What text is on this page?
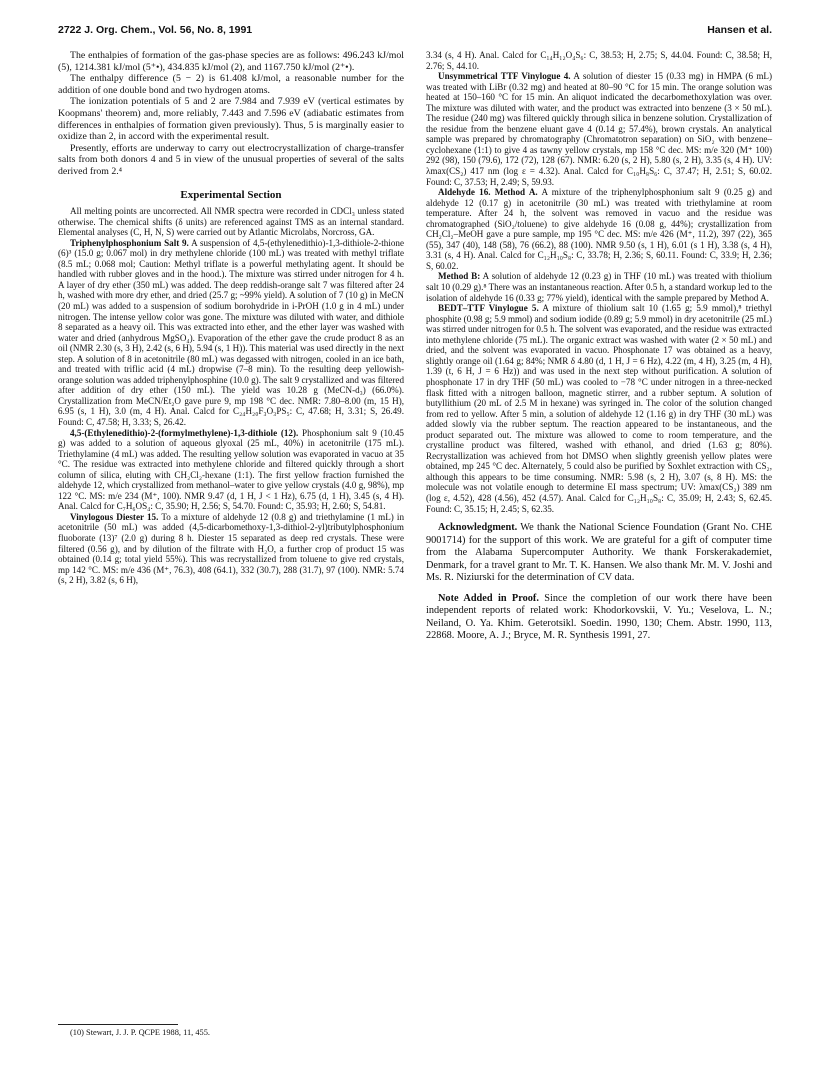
2722 J. Org. Chem., Vol. 56, No. 8, 1991	Hansen et al.

The enthalpies of formation of the gas-phase species are as follows: 496.243 kJ/mol (5), 1214.381 kJ/mol (5⁺•), 434.835 kJ/mol (2), and 1167.750 kJ/mol (2⁺•).

The enthalpy difference (5 − 2) is 61.408 kJ/mol, a reasonable number for the addition of one double bond and two hydrogen atoms.

The ionization potentials of 5 and 2 are 7.984 and 7.939 eV (vertical estimates by Koopmans' theorem) and, more reliably, 7.443 and 7.596 eV (adiabatic estimates from differences in enthalpies of formation given previously). Thus, 5 is marginally easier to oxidize than 2, in accord with the experimental result.

Presently, efforts are underway to carry out electrocrystallization of charge-transfer salts from both donors 4 and 5 in view of the unusual properties of several of the salts derived from 2.⁴

Experimental Section

All melting points are uncorrected. All NMR spectra were recorded in CDCl₃ unless stated otherwise. The chemical shifts (δ units) are referenced against TMS as an internal standard. Elemental analyses (C, H, N, S) were carried out by Atlantic Microlabs, Norcross, GA.

Triphenylphosphonium Salt 9. A suspension of 4,5-(ethylenedithio)-1,3-dithiole-2-thione (6)³ (15.0 g; 0.067 mol) in dry methylene chloride (100 mL) was treated with methyl triflate (8.5 mL; 0.068 mol; Caution: Methyl triflate is a powerful methylating agent. It should be handled with rubber gloves and in the hood.). The mixture was stirred under nitrogen for 4 h. A layer of dry ether (350 mL) was added. The deep reddish-orange salt 7 was filtered after 24 h, washed with more dry ether, and dried (25.7 g; ~99% yield). A solution of 7 (10 g) in MeCN (20 mL) was added to a suspension of sodium borohydride in i-PrOH (1.0 g in 4 mL) under nitrogen. The intense yellow color was gone. The mixture was diluted with water, and dithiole 8 separated as a heavy oil. This was extracted into ether, and the ether layer was washed with water and dried (anhydrous MgSO₄). Evaporation of the ether gave the crude product 8 as an oil (NMR 2.30 (s, 3 H), 2.42 (s, 6 H), 5.94 (s, 1 H)). This material was used directly in the next step. A solution of 8 in acetonitrile (80 mL) was degassed with nitrogen, cooled in an ice bath, and treated with triflic acid (4 mL) dropwise (7–8 min). To the resulting deep yellowish-orange solution was added triphenylphosphine (10.0 g). The salt 9 crystallized and was filtered after addition of dry ether (150 mL). The yield was 10.28 g (MeCN-d₃) (66.0%). Crystallization from MeCN/Et₂O gave pure 9, mp 198 °C dec. NMR: 7.80–8.00 (m, 15 H), 6.95 (s, 1 H), 3.0 (m, 4 H). Anal. Calcd for C₂₄H₂₀F₃O₃PS₅: C, 47.68; H, 3.31; S, 26.49. Found: C, 47.58; H, 3.33; S, 26.42.

4,5-(Ethylenedithio)-2-(formylmethylene)-1,3-dithiole (12). Phosphonium salt 9 (10.45 g) was added to a solution of aqueous glyoxal (25 mL, 40%) in acetonitrile (175 mL). Triethylamine (4 mL) was added. The resulting yellow solution was evaporated in vacuo at 35 °C. The residue was extracted into methylene chloride and filtered quickly through a short column of silica, eluting with CH₂Cl₂-hexane (1:1). The first yellow fraction furnished the aldehyde 12, which crystallized from methanol–water to give yellow crystals (4.0 g, 98%), mp 122 °C. MS: m/e 234 (M⁺, 100). NMR 9.47 (d, 1 H, J < 1 Hz), 6.75 (d, 1 H), 3.45 (s, 4 H). Anal. Calcd for C₇H₆OS₄: C, 35.90; H, 2.56; S, 54.70. Found: C, 35.93; H, 2.60; S, 54.81.

Vinylogous Diester 15. To a mixture of aldehyde 12 (0.8 g) and triethylamine (1 mL) in acetonitrile (50 mL) was added (4,5-dicarbomethoxy-1,3-dithiol-2-yl)tributylphosphonium fluoborate (13)⁷ (2.0 g) during 8 h. Diester 15 separated as deep red crystals. These were filtered (0.56 g), and by dilution of the filtrate with H₂O, a further crop of product 15 was obtained (0.14 g; total yield 55%). This was recrystallized from toluene to give red crystals, mp 142 °C. MS: m/e 436 (M⁺, 76.3), 408 (64.1), 332 (30.7), 288 (31.7), 97 (100). NMR: 5.74 (s, 2 H), 3.82 (s, 6 H),

3.34 (s, 4 H). Anal. Calcd for C₁₄H₁₂O₄S₆: C, 38.53; H, 2.75; S, 44.04. Found: C, 38.58; H, 2.76; S, 44.10.

Unsymmetrical TTF Vinylogue 4. A solution of diester 15 (0.33 mg) in HMPA (6 mL) was treated with LiBr (0.32 mg) and heated at 80–90 °C for 15 min. The orange solution was heated at 150–160 °C for 15 min. An aliquot indicated the decarbomethoxylation was over. The mixture was diluted with water, and the product was extracted into benzene (3 × 50 mL). The residue (240 mg) was filtered quickly through silica in benzene solution. Crystallization of the residue from the benzene eluant gave 4 (0.14 g; 57.4%), brown crystals. An analytical sample was prepared by chromatography (Chromatotron separation) on SiO₂ with benzene–cyclohexane (1:1) to give 4 as tawny yellow crystals, mp 158 °C dec. MS: m/e 320 (M⁺ 100) 292 (98), 150 (79.6), 172 (72), 128 (67). NMR: 6.20 (s, 2 H), 5.80 (s, 2 H), 3.35 (s, 4 H). UV: λmax(CS₂) 417 nm (log ε = 4.32). Anal. Calcd for C₁₀H₈S₆: C, 37.47; H, 2.51; S, 60.02. Found: C, 37.53; H, 2.49; S, 59.93.

Aldehyde 16. Method A. A mixture of the triphenylphosphonium salt 9 (0.25 g) and aldehyde 12 (0.17 g) in acetonitrile (30 mL) was treated with triethylamine at room temperature. After 24 h, the solvent was removed in vacuo and the residue was chromatographed (SiO₂/toluene) to give aldehyde 16 (0.08 g, 44%); crystallization from CH₂Cl₂–MeOH gave a pure sample, mp 195 °C dec. MS: m/e 426 (M⁺, 11.2), 397 (22), 365 (55), 347 (40), 148 (58), 76 (66.2), 88 (100). NMR 9.50 (s, 1 H), 6.01 (s 1 H), 3.38 (s, 4 H), 3.31 (s, 4 H). Anal. Calcd for C₁₂H₁₀S₈: C, 33.78; H, 2.36; S, 60.11. Found: C, 33.9; H, 2.36; S, 60.02.

Method B: A solution of aldehyde 12 (0.23 g) in THF (10 mL) was treated with thiolium salt 10 (0.29 g).⁸ There was an instantaneous reaction. After 0.5 h, a standard workup led to the isolation of aldehyde 16 (0.33 g; 77% yield), identical with the sample prepared by Method A.

BEDT–TTF Vinylogue 5. A mixture of thiolium salt 10 (1.65 g; 5.9 mmol),⁸ triethyl phosphite (0.98 g; 5.9 mmol) and sodium iodide (0.89 g; 5.9 mmol) in dry acetonitrile (25 mL) was stirred under nitrogen for 0.5 h. The solvent was evaporated, and the residue was extracted into methylene chloride (75 mL). The organic extract was washed with water (2 × 50 mL) and dried, and the solvent was evaporated in vacuo. Phosphonate 17 was obtained as a heavy, slightly orange oil (1.64 g; 84%; NMR δ 4.80 (d, 1 H, J = 6 Hz), 4.22 (m, 4 H), 3.25 (m, 4 H), 1.39 (t, 6 H, J = 6 Hz)) and was used in the next step without purification. A solution of phosphonate 17 in dry THF (50 mL) was cooled to −78 °C under nitrogen in a three-necked flask fitted with a nitrogen balloon, magnetic stirrer, and a rubber septum. A solution of butyllithium (20 mL of 2.5 M in hexane) was syringed in. The color of the solution changed from red to yellow. After 5 min, a solution of aldehyde 12 (1.16 g) in dry THF (30 mL) was added slowly via the rubber septum. The reaction appeared to be instantaneous, and the product separated out. The mixture was allowed to come to room temperature, and the crystalline product was filtered, washed with ethanol, and dried (1.63 g; 80%). Recrystallization was achieved from hot DMSO when slightly greenish yellow plates were obtained, mp 245 °C dec. Alternately, 5 could also be purified by Soxhlet extraction with CS₂, although this appears to be time consuming. NMR: 5.98 (s, 2 H), 3.07 (s, 8 H). MS: the molecule was not volatile enough to determine EI mass spectrum; UV: λmax(CS₂) 389 nm (log ε, 4.52), 428 (4.56), 452 (4.57). Anal. Calcd for C₁₂H₁₀S₈: C, 35.09; H, 2.43; S, 62.45. Found: C, 35.15; H, 2.45; S, 62.35.

Acknowledgment. We thank the National Science Foundation (Grant No. CHE 9001714) for the support of this work. We are grateful for a gift of computer time from the Alabama Supercomputer Authority. We thank Forskerakademiet, Denmark, for a travel grant to Mr. T. K. Hansen. We also thank Mr. M. V. Joshi and Ms. R. Niziurski for the determination of CV data.

Note Added in Proof. Since the completion of our work there have been independent reports of related work: Khodorkovskii, V. Yu.; Veselova, L. N.; Neiland, O. Ya. Khim. Geterotsikl. Soedin. 1990, 130; Chem. Abstr. 1990, 113, 22868. Moore, A. J.; Bryce, M. R. Synthesis 1991, 27.

(10) Stewart, J. J. P. QCPE 1988, 11, 455.
